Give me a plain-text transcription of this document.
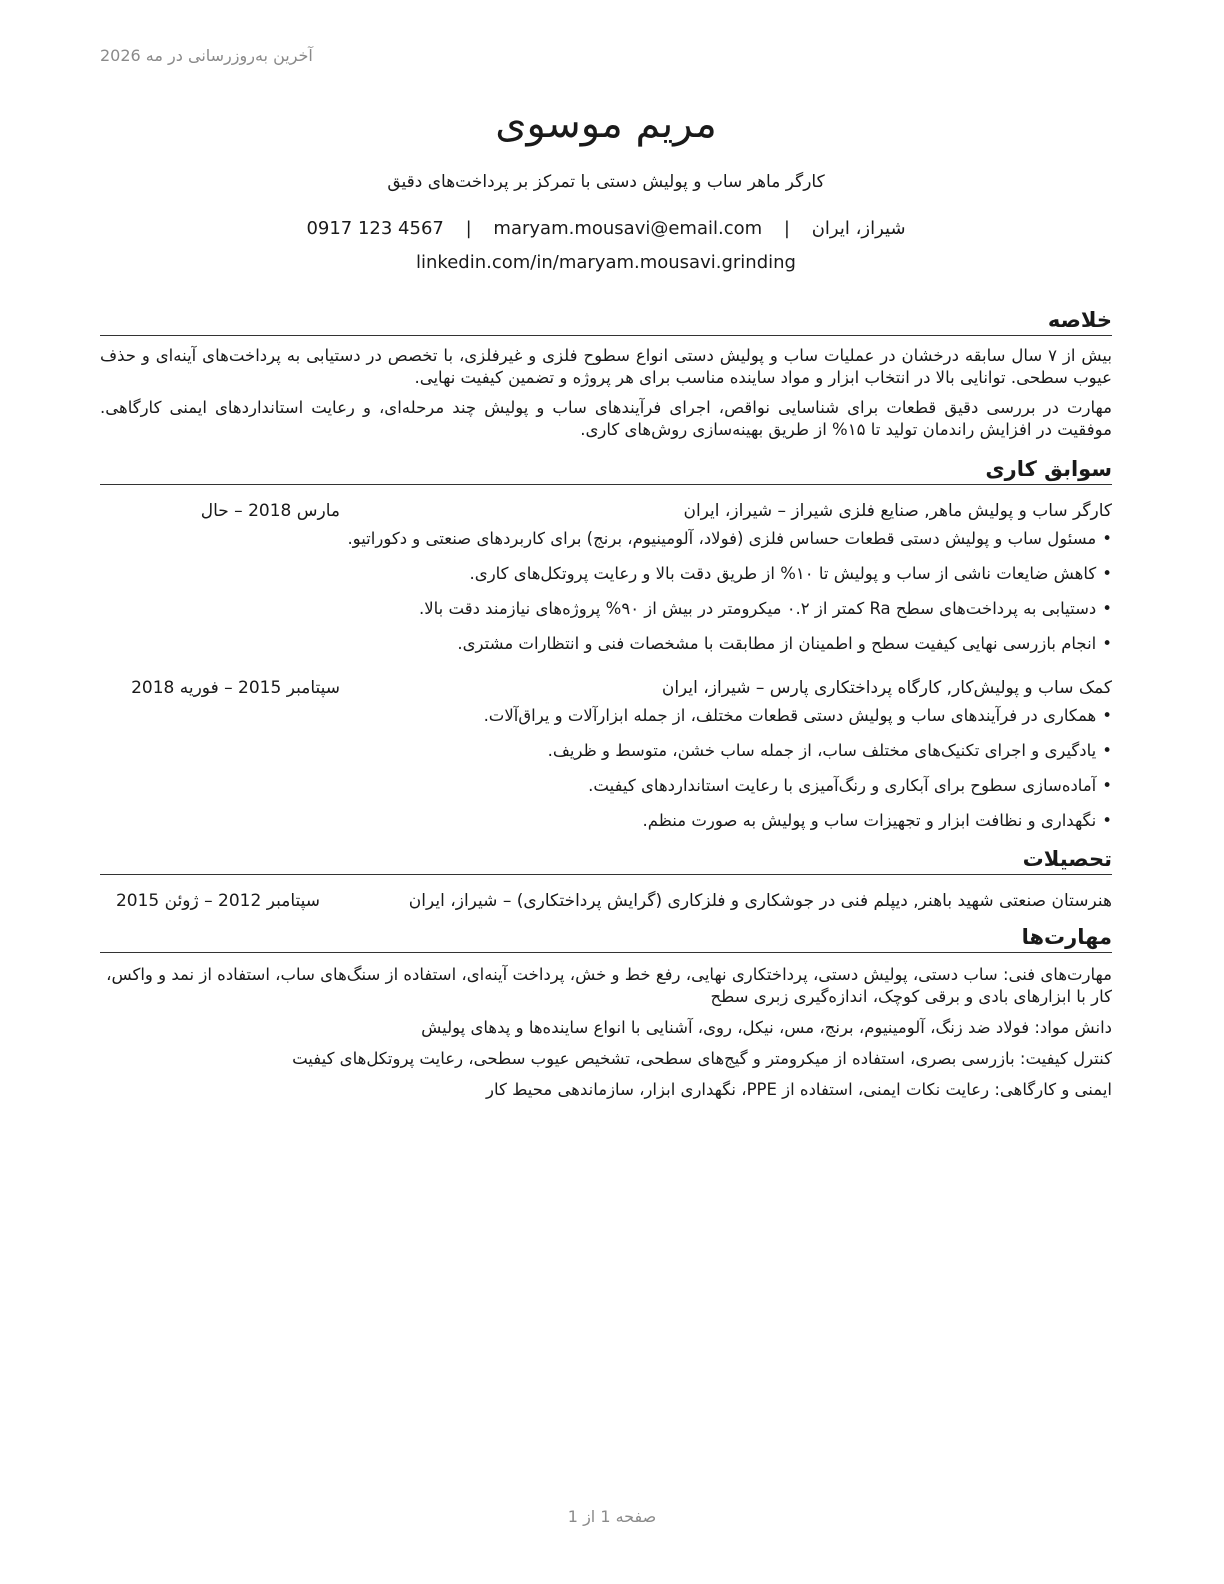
آخرین به‌روزرسانی در مه 2026
مریم موسوی
کارگر ماهر ساب و پولیش دستی با تمرکز بر پرداخت‌های دقیق
شیراز، ایران | maryam.mousavi@email.com | 0917 123 4567
linkedin.com/in/maryam.mousavi.grinding
خلاصه

بیش از ۷ سال سابقه درخشان در عملیات ساب و پولیش دستی انواع سطوح فلزی و غیرفلزی، با تخصص در دستیابی به پرداخت‌های آینه‌ای و حذف عیوب سطحی. توانایی بالا در انتخاب ابزار و مواد ساینده مناسب برای هر پروژه و تضمین کیفیت نهایی.

مهارت در بررسی دقیق قطعات برای شناسایی نواقص، اجرای فرآیندهای ساب و پولیش چند مرحله‌ای، و رعایت استانداردهای ایمنی کارگاهی. موفقیت در افزایش راندمان تولید تا ۱۵% از طریق بهینه‌سازی روش‌های کاری.

سوابق کاری
کارگر ساب و پولیش ماهر, صنایع فلزی شیراز – شیراز، ایران
مارس 2018 – حال
•مسئول ساب و پولیش دستی قطعات حساس فلزی (فولاد، آلومینیوم، برنج) برای کاربردهای صنعتی و دکوراتیو.
•کاهش ضایعات ناشی از ساب و پولیش تا ۱۰% از طریق دقت بالا و رعایت پروتکل‌های کاری.
•دستیابی به پرداخت‌های سطح Ra کمتر از ۰.۲ میکرومتر در بیش از ۹۰% پروژه‌های نیازمند دقت بالا.
•انجام بازرسی نهایی کیفیت سطح و اطمینان از مطابقت با مشخصات فنی و انتظارات مشتری.
کمک ساب و پولیش‌کار, کارگاه پرداختکاری پارس – شیراز، ایران
سپتامبر 2015 – فوریه 2018
•همکاری در فرآیندهای ساب و پولیش دستی قطعات مختلف، از جمله ابزارآلات و یراق‌آلات.
•یادگیری و اجرای تکنیک‌های مختلف ساب، از جمله ساب خشن، متوسط و ظریف.
•آماده‌سازی سطوح برای آبکاری و رنگ‌آمیزی با رعایت استانداردهای کیفیت.
•نگهداری و نظافت ابزار و تجهیزات ساب و پولیش به صورت منظم.
تحصیلات
هنرستان صنعتی شهید باهنر, دیپلم فنی در جوشکاری و فلزکاری (گرایش پرداختکاری) – شیراز، ایران
سپتامبر 2012 – ژوئن 2015
مهارت‌ها
مهارت‌های فنی: ساب دستی، پولیش دستی، پرداختکاری نهایی، رفع خط و خش، پرداخت آینه‌ای، استفاده از سنگ‌های ساب، استفاده از نمد و واکس، کار با ابزارهای بادی و برقی کوچک، اندازه‌گیری زبری سطح
دانش مواد: فولاد ضد زنگ، آلومینیوم، برنج، مس، نیکل، روی، آشنایی با انواع ساینده‌ها و پدهای پولیش
کنترل کیفیت: بازرسی بصری، استفاده از میکرومتر و گیج‌های سطحی، تشخیص عیوب سطحی، رعایت پروتکل‌های کیفیت
ایمنی و کارگاهی: رعایت نکات ایمنی، استفاده از PPE، نگهداری ابزار، سازماندهی محیط کار
صفحه 1 از 1
